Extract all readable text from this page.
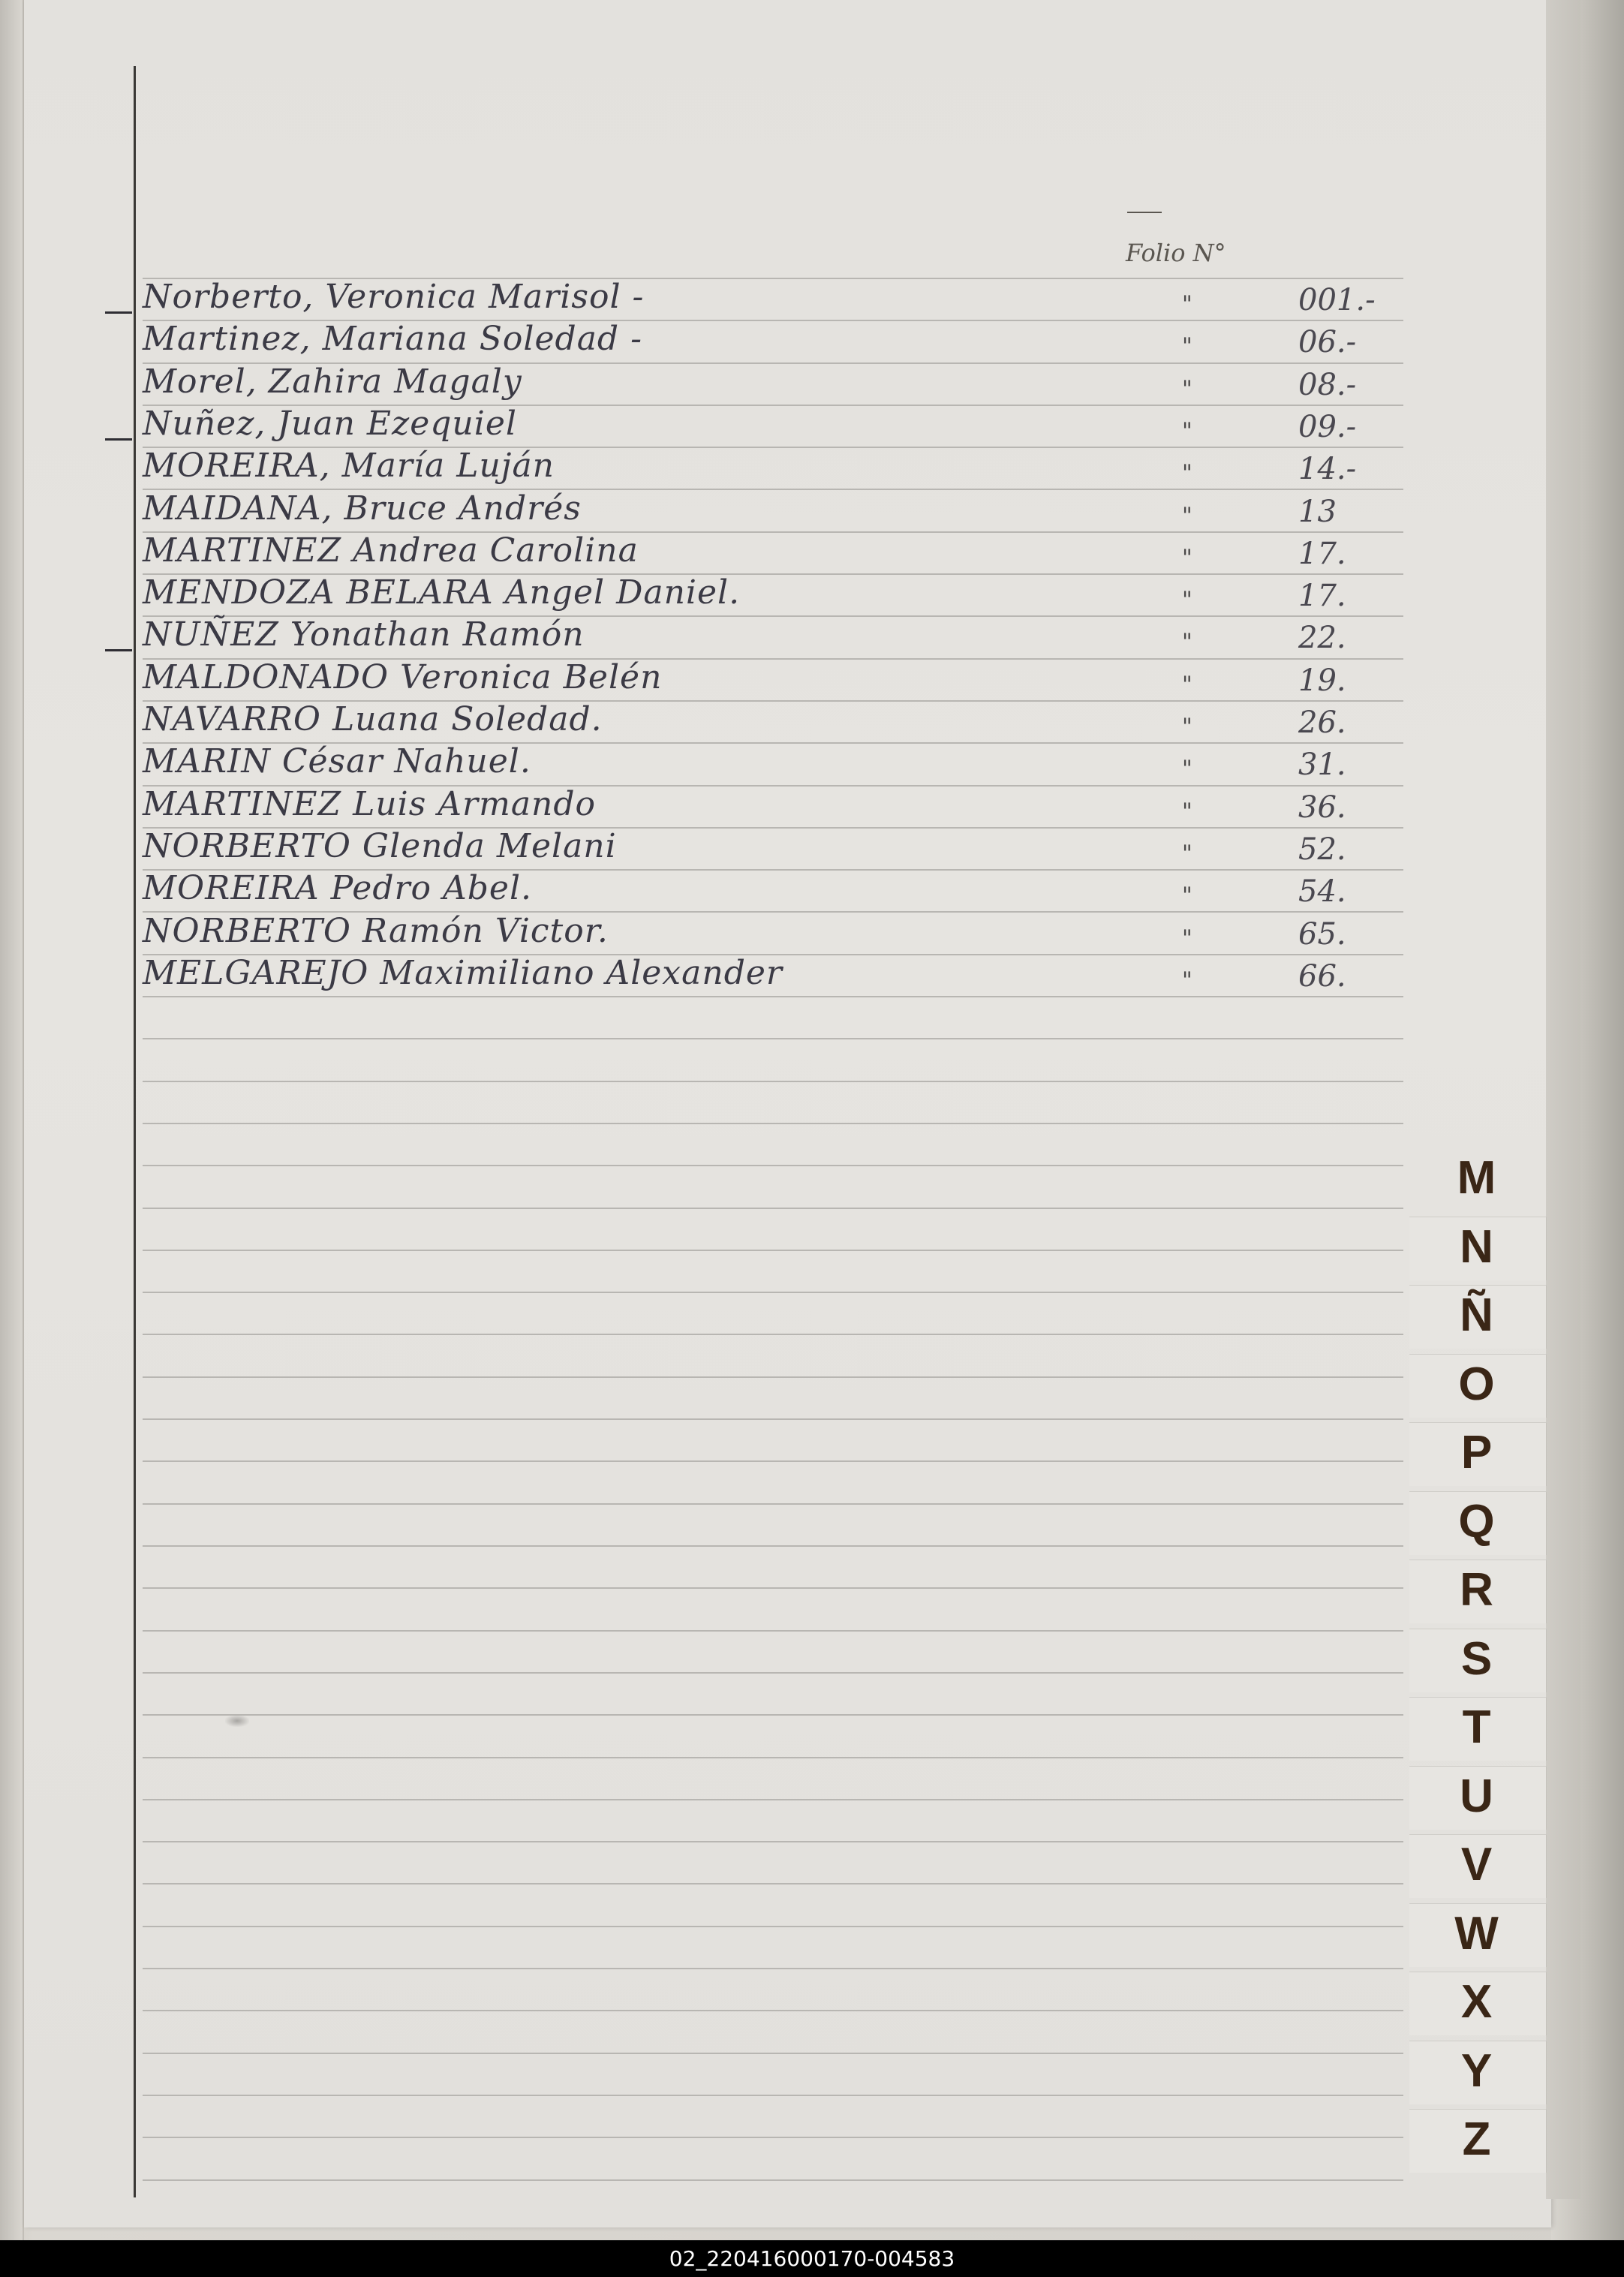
Folio N°
Norberto, Veronica Marisol -	"	001.-
Martinez, Mariana Soledad -	"	06.-
Morel, Zahira Magaly	"	08.-
Nuñez, Juan Ezequiel	"	09.-
MOREIRA, María Luján	"	14.-
MAIDANA, Bruce Andrés	"	13
MARTINEZ Andrea Carolina	"	17.
MENDOZA BELARA Angel Daniel.	"	17.
NUÑEZ Yonathan Ramón	"	22.
MALDONADO Veronica Belén	"	19.
NAVARRO Luana Soledad.	"	26.
MARIN César Nahuel.	"	31.
MARTINEZ Luis Armando	"	36.
NORBERTO Glenda Melani	"	52.
MOREIRA Pedro Abel.	"	54.
NORBERTO Ramón Victor.	"	65.
MELGAREJO Maximiliano Alexander	"	66.
M
N
Ñ
O
P
Q
R
S
T
U
V
W
X
Y
Z
02_220416000170-004583
